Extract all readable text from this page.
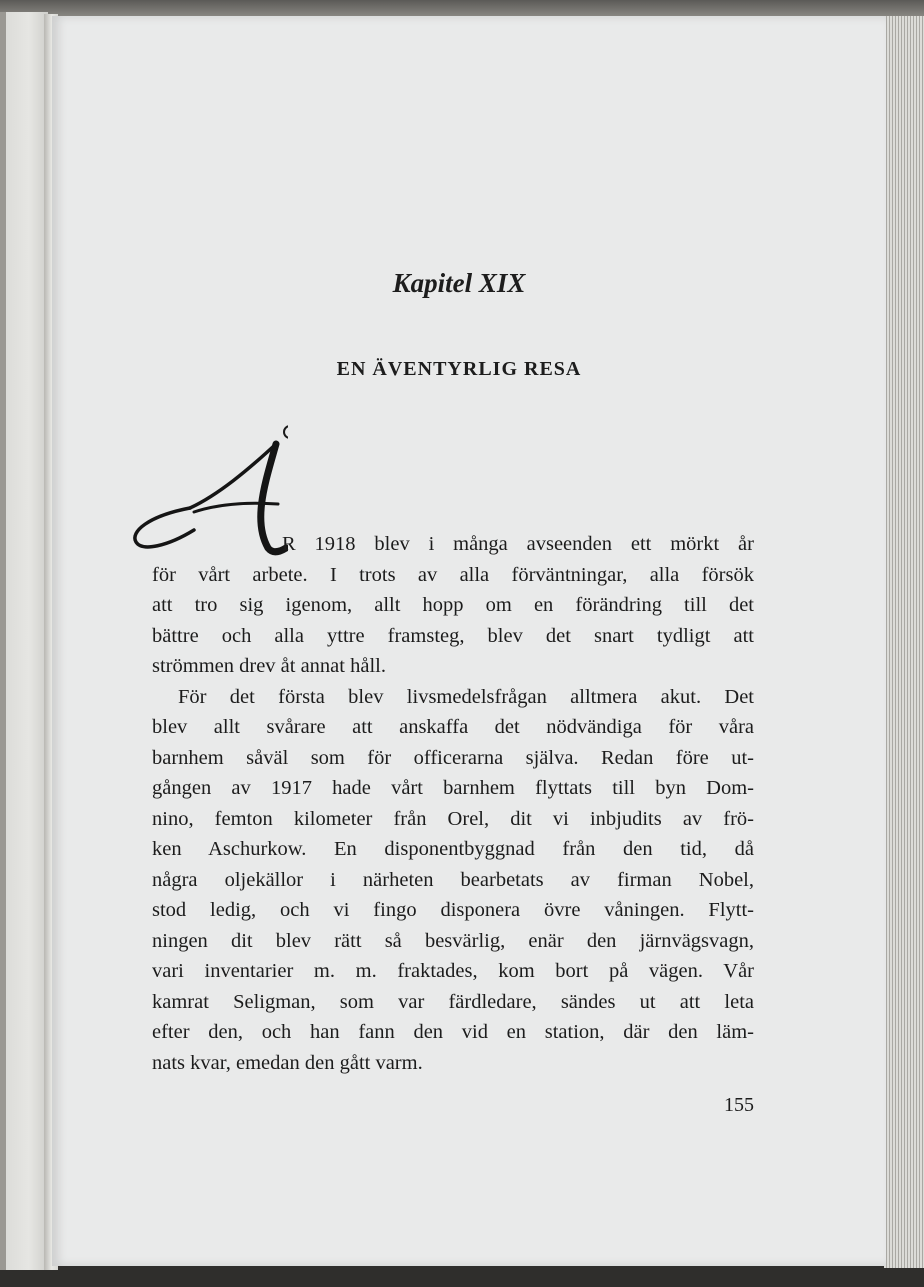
Kapitel XIX
EN ÄVENTYRLIG RESA
R 1918 blev i många avseenden ett mörkt år
för vårt arbete. I trots av alla förväntningar, alla försök
att tro sig igenom, allt hopp om en förändring till det
bättre och alla yttre framsteg, blev det snart tydligt att
strömmen drev åt annat håll.
För det första blev livsmedelsfrågan alltmera akut. Det
blev allt svårare att anskaffa det nödvändiga för våra
barnhem såväl som för officerarna själva. Redan före ut-
gången av 1917 hade vårt barnhem flyttats till byn Dom-
nino, femton kilometer från Orel, dit vi inbjudits av frö-
ken Aschurkow. En disponentbyggnad från den tid, då
några oljekällor i närheten bearbetats av firman Nobel,
stod ledig, och vi fingo disponera övre våningen. Flytt-
ningen dit blev rätt så besvärlig, enär den järnvägsvagn,
vari inventarier m. m. fraktades, kom bort på vägen. Vår
kamrat Seligman, som var färdledare, sändes ut att leta
efter den, och han fann den vid en station, där den läm-
nats kvar, emedan den gått varm.
155
